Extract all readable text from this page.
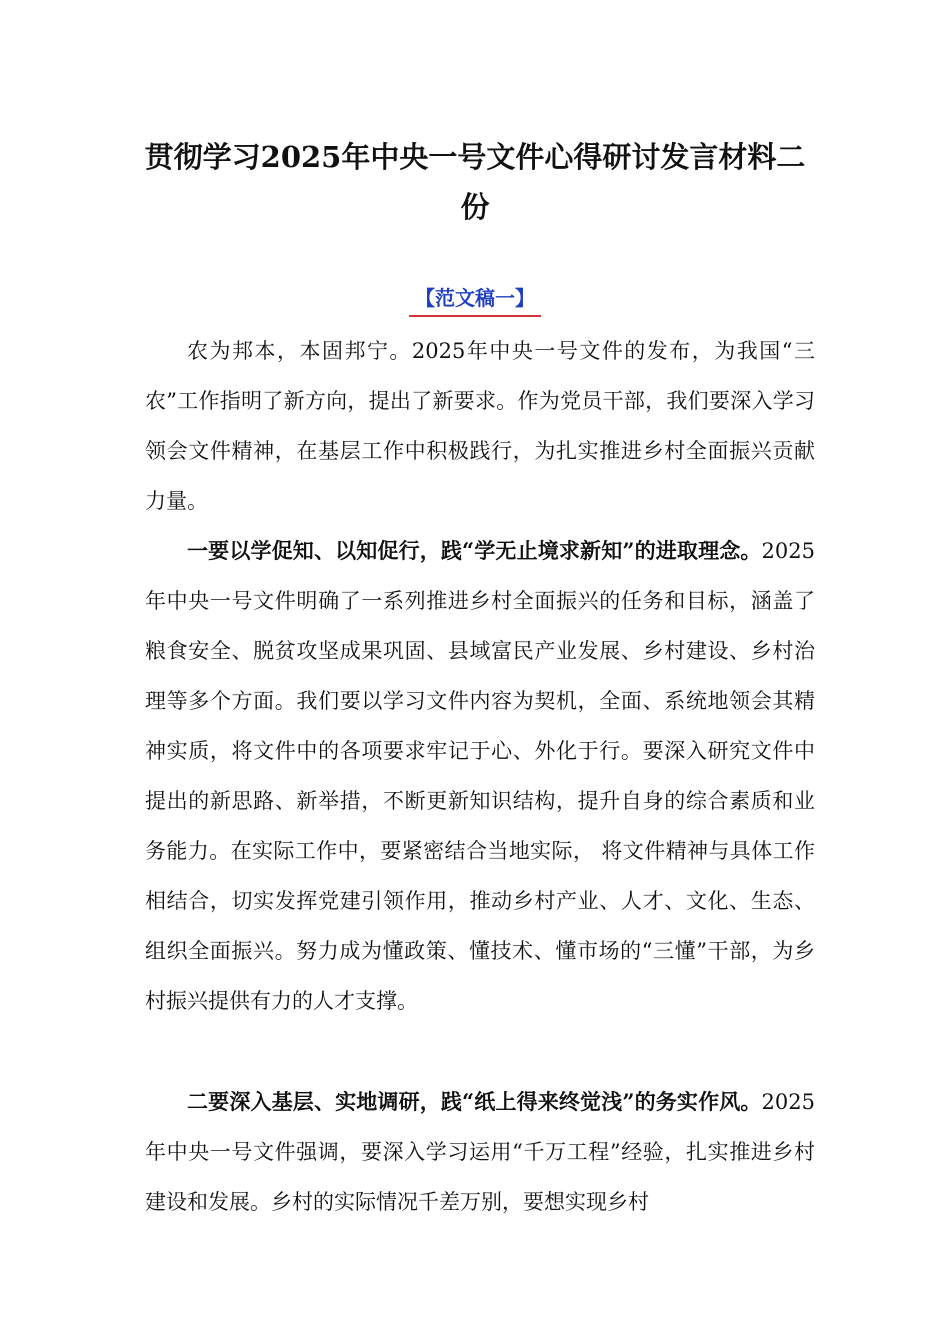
贯彻学习2025年中央一号文件心得研讨发言材料二份
【范文稿一】

农为邦本，本固邦宁。2025年中央一号文件的发布，为我国“三农”工作指明了新方向，提出了新要求。作为党员干部，我们要深入学习领会文件精神，在基层工作中积极践行，为扎实推进乡村全面振兴贡献力量。

一要以学促知、以知促行，践“学无止境求新知”的进取理念。2025年中央一号文件明确了一系列推进乡村全面振兴的任务和目标，涵盖了粮食安全、脱贫攻坚成果巩固、县域富民产业发展、乡村建设、乡村治理等多个方面。我们要以学习文件内容为契机，全面、系统地领会其精神实质，将文件中的各项要求牢记于心、外化于行。要深入研究文件中提出的新思路、新举措，不断更新知识结构，提升自身的综合素质和业务能力。在实际工作中，要紧密结合当地实际， 将文件精神与具体工作相结合，切实发挥党建引领作用，推动乡村产业、人才、文化、生态、组织全面振兴。努力成为懂政策、懂技术、懂市场的“三懂”干部，为乡村振兴提供有力的人才支撑。

二要深入基层、实地调研，践“纸上得来终觉浅”的务实作风。2025年中央一号文件强调，要深入学习运用“千万工程”经验，扎实推进乡村建设和发展。乡村的实际情况千差万别，要想实现乡村
